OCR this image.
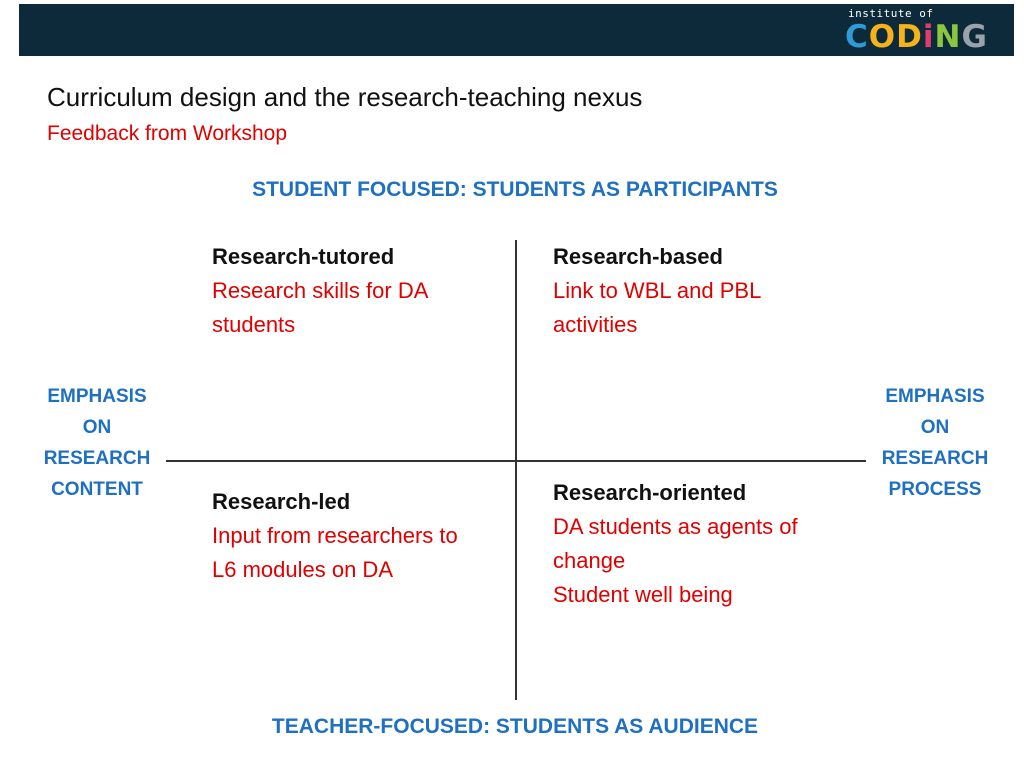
institute of
C O D i N G
Curriculum design and the research-teaching nexus
Feedback from Workshop
STUDENT FOCUSED: STUDENTS AS PARTICIPANTS
TEACHER-FOCUSED: STUDENTS AS AUDIENCE
EMPHASIS
ON
RESEARCH
CONTENT
EMPHASIS
ON
RESEARCH
PROCESS
Research-tutored
Research skills for DA
students
Research-based
Link to WBL and PBL
activities
Research-led
Input from researchers to
L6 modules on DA
Research-oriented
DA students as agents of
change
Student well being
